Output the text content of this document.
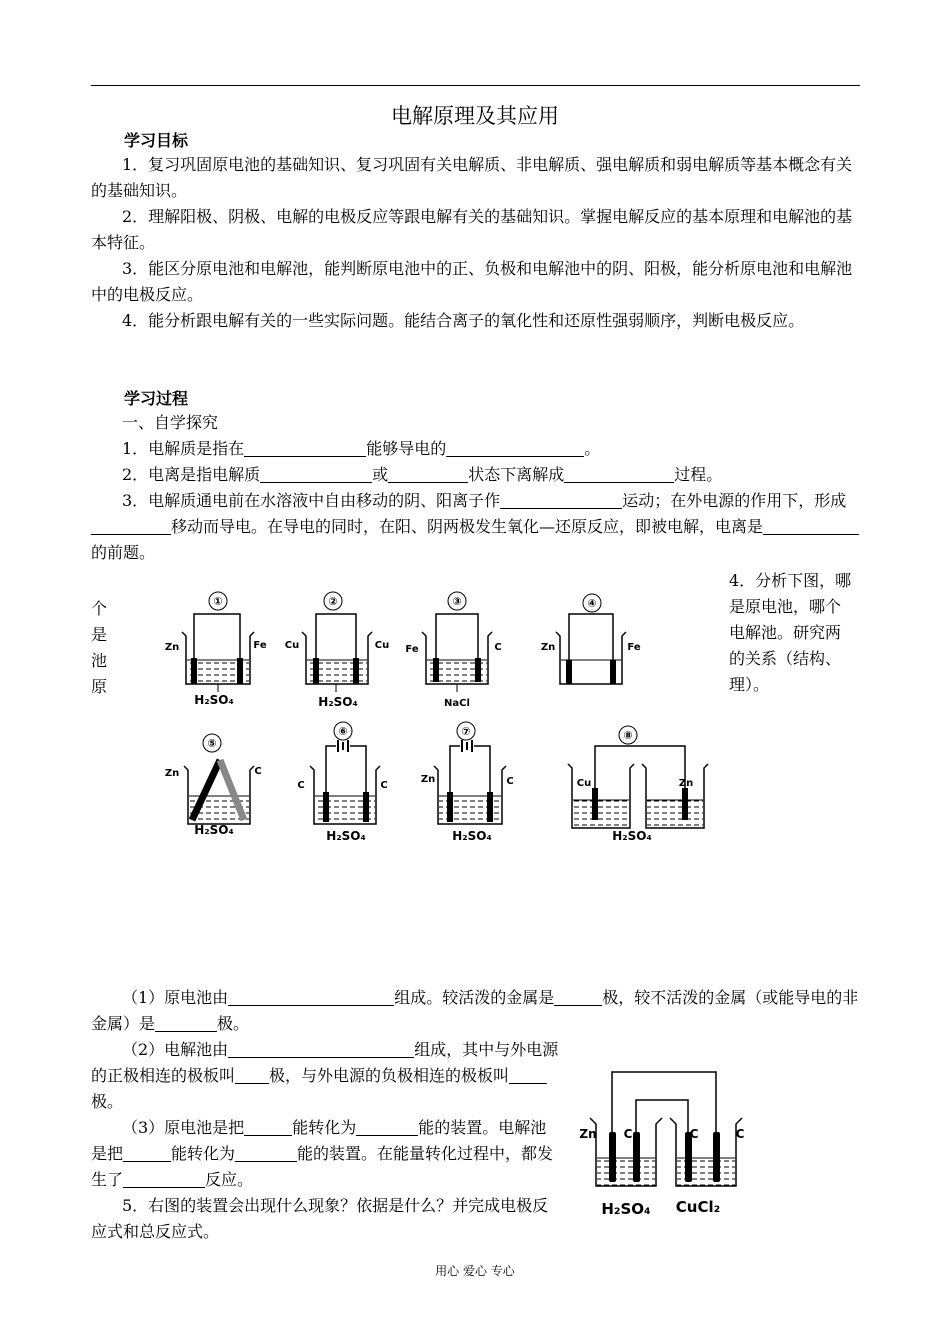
电解原理及其应用
学习目标
1．复习巩固原电池的基础知识、复习巩固有关电解质、非电解质、强电解质和弱电解质等基本概念有关的基础知识。
2．理解阳极、阴极、电解的电极反应等跟电解有关的基础知识。掌握电解反应的基本原理和电解池的基本特征。
3．能区分原电池和电解池，能判断原电池中的正、负极和电解池中的阴、阳极，能分析原电池和电解池中的电极反应。
4．能分析跟电解有关的一些实际问题。能结合离子的氧化性和还原性强弱顺序，判断电极反应。
学习过程
一、自学探究
1．电解质是指在	能够导电的	。
2．电离是指电解质	或	状态下离解成	过程。
3．电解质通电前在水溶液中自由移动的阴、阳离子作	运动；在外电源的作用下，形成移动而导电。在导电的同时，在阳、阴两极发生氧化—还原反应，即被电解，电离是的前题。
4．分析下图，哪
是原电池，哪个
电解池。研究两
的关系（结构、
理）。
个
是
池
原
①
Zn	Fe
H₂SO₄
②
Cu	Cu
H₂SO₄
③
Fe	C
NaCl
④
Zn	Fe
⑤
Zn	C
H₂SO₄
⑥
C	C
H₂SO₄
⑦
Zn	C
H₂SO₄
⑧
Cu	Zn
H₂SO₄
（1）原电池由	组成。较活泼的金属是	极，较不活泼的金属（或能导电的非金属）是	极。
（2）电解池由	组成，其中与外电源的正极相连的极板叫 极，与外电源的负极相连的极板叫极。
（3）原电池是把	能转化为	能的装置。电解池是把	能转化为	能的装置。在能量转化过程中，都发生了	反应。
5．右图的装置会出现什么现象？依据是什么？并完成电极反应式和总反应式。
Zn C	C	C
H₂SO₄ CuCl₂
用心 爱心 专心
